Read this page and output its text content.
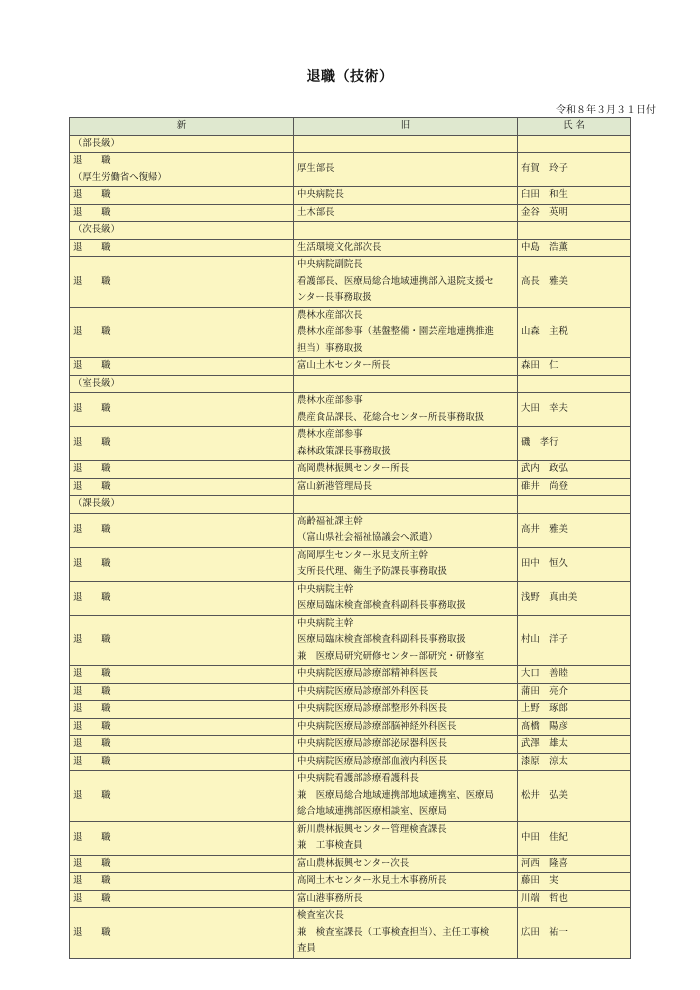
退職（技術）
令和８年３月３１日付
新	旧	氏 名
（部長級）		

退　　職
（厚生労働省へ復帰）	厚生部長	有賀　玲子

退　　職	中央病院長	臼田　和生

退　　職	土木部長	金谷　英明
（次長級）		

退　　職	生活環境文化部次長	中島　浩薫

退　　職	中央病院副院長
看護部長、医療局総合地域連携部入退院支援セ
ンター長事務取扱	高長　雅美

退　　職	農林水産部次長
農林水産部参事（基盤整備・園芸産地連携推進
担当）事務取扱	山森　主税

退　　職	富山土木センター所長	森田　仁
（室長級）		

退　　職	農林水産部参事
農産食品課長、花総合センター所長事務取扱	大田　幸夫

退　　職	農林水産部参事
森林政策課長事務取扱	磯　孝行

退　　職	高岡農林振興センター所長	武内　政弘

退　　職	富山新港管理局長	碓井　尚登
（課長級）		

退　　職	高齢福祉課主幹
（富山県社会福祉協議会へ派遣）	高井　雅美

退　　職	高岡厚生センター氷見支所主幹
支所長代理、衛生予防課長事務取扱	田中　恒久

退　　職	中央病院主幹
医療局臨床検査部検査科副科長事務取扱	浅野　真由美

退　　職	中央病院主幹
医療局臨床検査部検査科副科長事務取扱
兼　医療局研究研修センター部研究・研修室	村山　洋子

退　　職	中央病院医療局診療部精神科医長	大口　善睦

退　　職	中央病院医療局診療部外科医長	蒲田　亮介

退　　職	中央病院医療局診療部整形外科医長	上野　琢郎

退　　職	中央病院医療局診療部脳神経外科医長	髙橋　陽彦

退　　職	中央病院医療局診療部泌尿器科医長	武澤　雄太

退　　職	中央病院医療局診療部血液内科医長	漆原　涼太

退　　職	中央病院看護部診療看護科長
兼　医療局総合地域連携部地域連携室、医療局
総合地域連携部医療相談室、医療局	松井　弘美

退　　職	新川農林振興センター管理検査課長
兼　工事検査員	中田　佳紀

退　　職	富山農林振興センター次長	河西　隆喜

退　　職	高岡土木センター氷見土木事務所長	藤田　実

退　　職	富山港事務所長	川端　哲也

退　　職	検査室次長
兼　検査室課長（工事検査担当）、主任工事検
査員	広田　祐一
